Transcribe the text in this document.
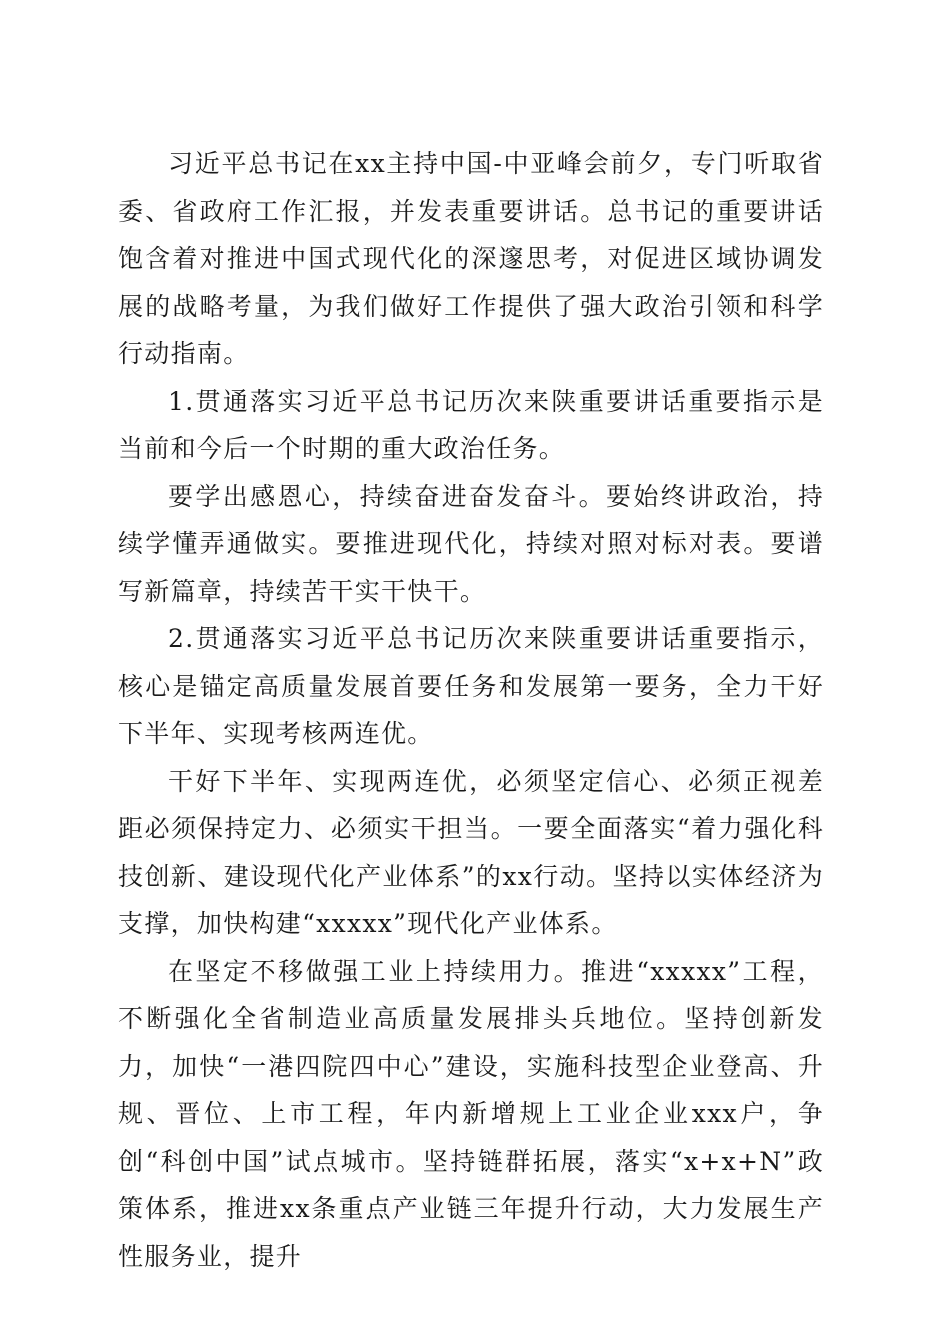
习近平总书记在xx主持中国-中亚峰会前夕，专门听取省委、省政府工作汇报，并发表重要讲话。总书记的重要讲话饱含着对推进中国式现代化的深邃思考，对促进区域协调发展的战略考量，为我们做好工作提供了强大政治引领和科学行动指南。

1.贯通落实习近平总书记历次来陕重要讲话重要指示是当前和今后一个时期的重大政治任务。

要学出感恩心，持续奋进奋发奋斗。要始终讲政治，持续学懂弄通做实。要推进现代化，持续对照对标对表。要谱写新篇章，持续苦干实干快干。

2.贯通落实习近平总书记历次来陕重要讲话重要指示，核心是锚定高质量发展首要任务和发展第一要务，全力干好下半年、实现考核两连优。

干好下半年、实现两连优，必须坚定信心、必须正视差距必须保持定力、必须实干担当。一要全面落实“着力强化科技创新、建设现代化产业体系”的xx行动。坚持以实体经济为支撑，加快构建“xxxxx”现代化产业体系。

在坚定不移做强工业上持续用力。推进“xxxxx”工程，不断强化全省制造业高质量发展排头兵地位。坚持创新发力，加快“一港四院四中心”建设，实施科技型企业登高、升规、晋位、上市工程，年内新增规上工业企业xxx户，争创“科创中国”试点城市。坚持链群拓展，落实“x+x+N”政策体系，推进xx条重点产业链三年提升行动，大力发展生产性服务业，提升
